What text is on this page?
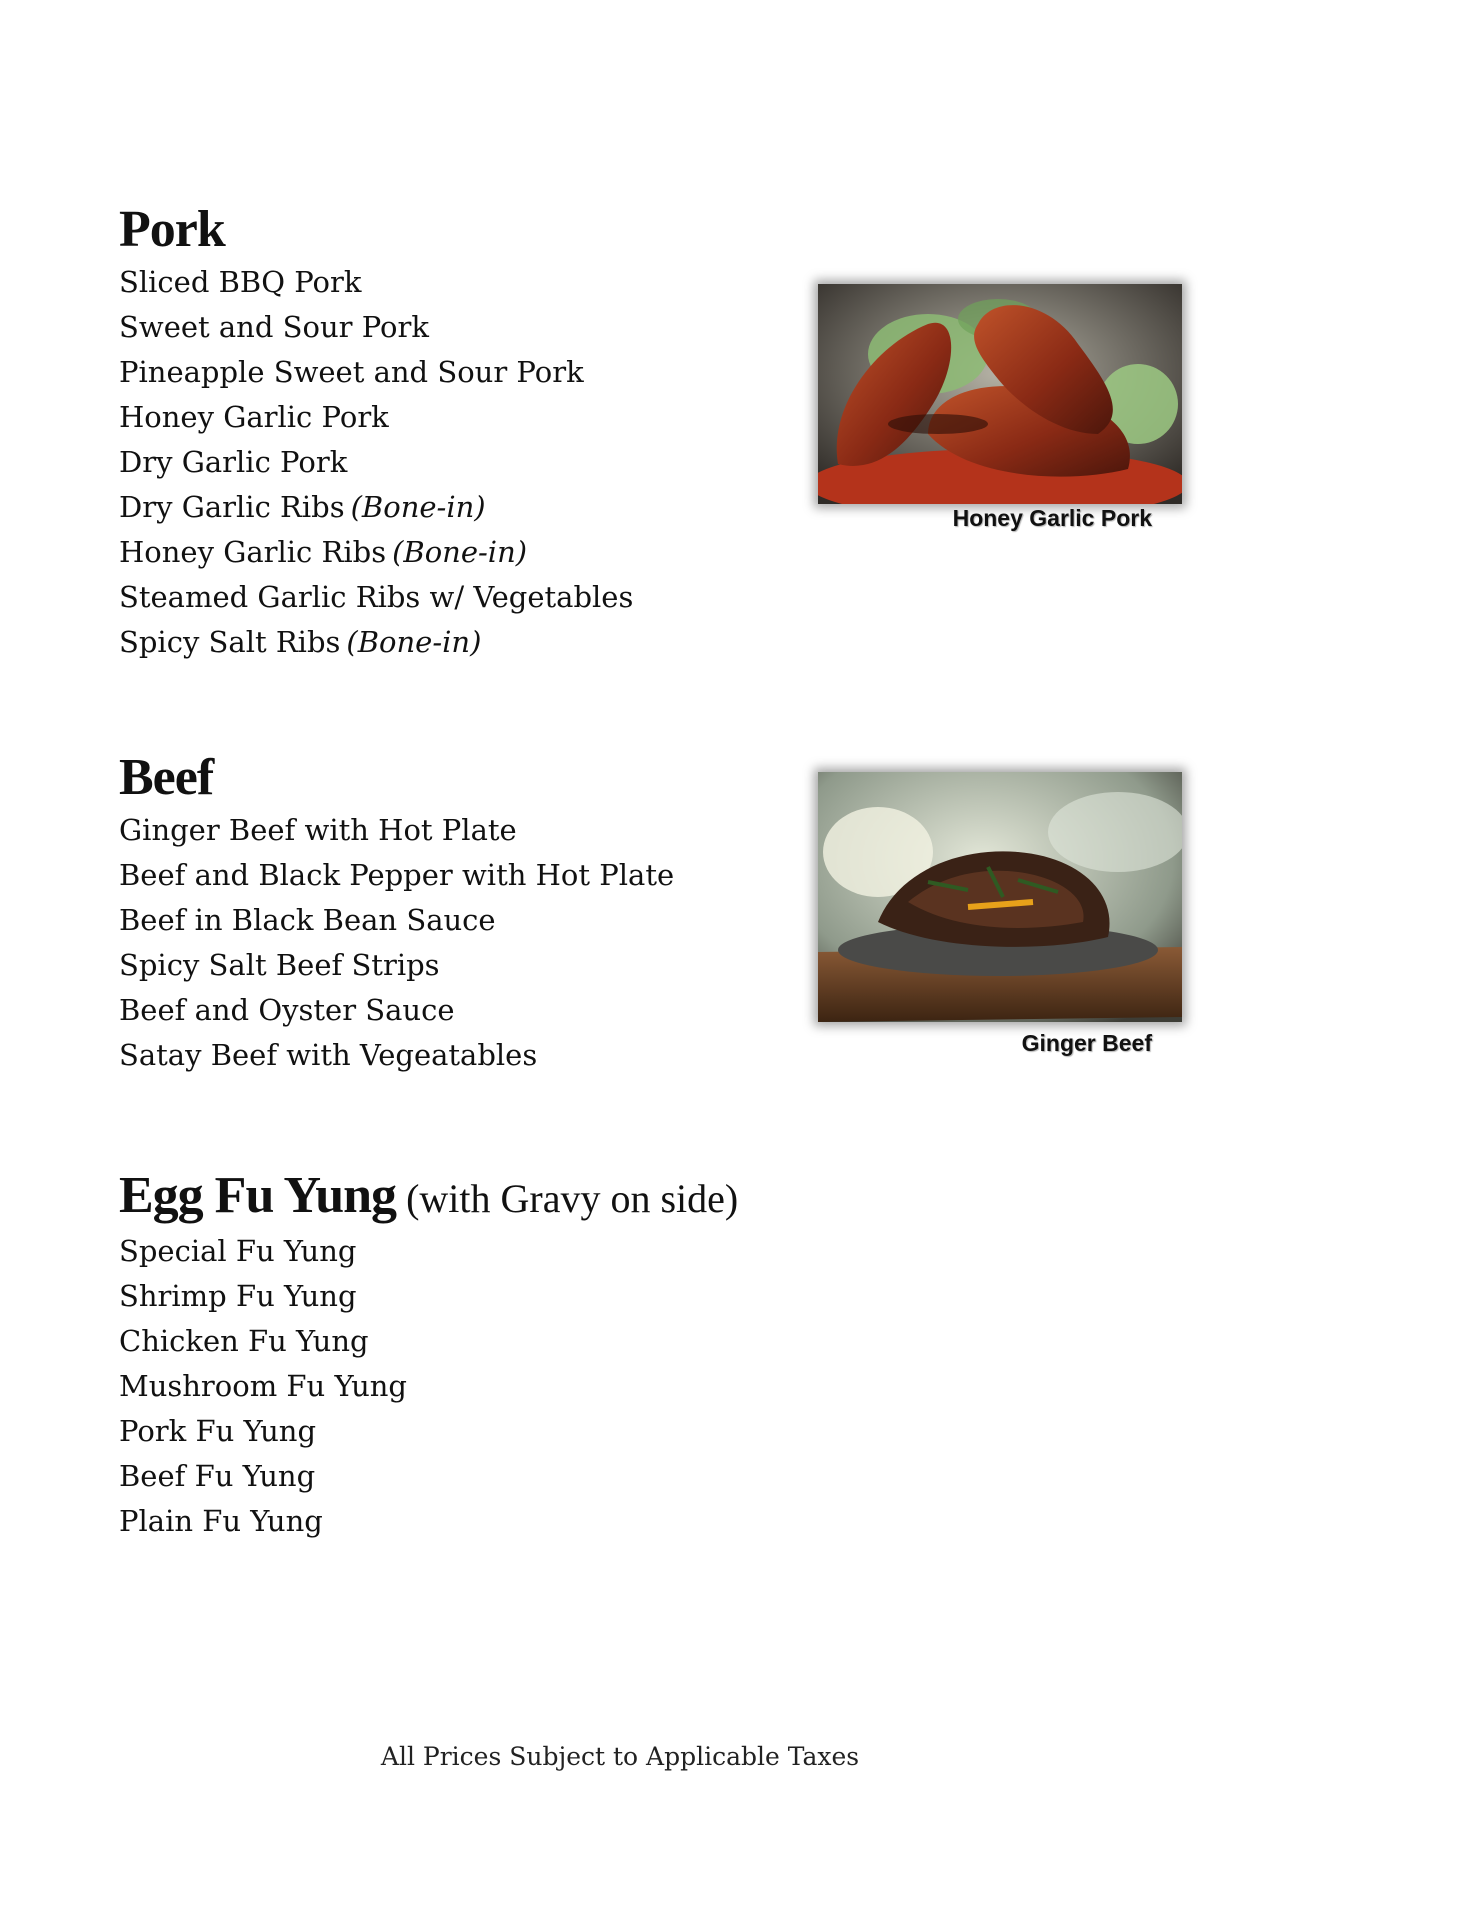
Pork
Sliced BBQ Pork
Sweet and Sour Pork
Pineapple Sweet and Sour Pork
Honey Garlic Pork
Dry Garlic Pork
Dry Garlic Ribs (Bone-in)
Honey Garlic Ribs (Bone-in)
Steamed Garlic Ribs w/ Vegetables
Spicy Salt Ribs (Bone-in)
Beef
Ginger Beef with Hot Plate
Beef and Black Pepper with Hot Plate
Beef in Black Bean Sauce
Spicy Salt Beef Strips
Beef and Oyster Sauce
Satay Beef with Vegeatables
Egg Fu Yung (with Gravy on side)
Special Fu Yung
Shrimp Fu Yung
Chicken Fu Yung
Mushroom Fu Yung
Pork Fu Yung
Beef Fu Yung
Plain Fu Yung
Honey Garlic Pork
Ginger Beef
All Prices Subject to Applicable Taxes
